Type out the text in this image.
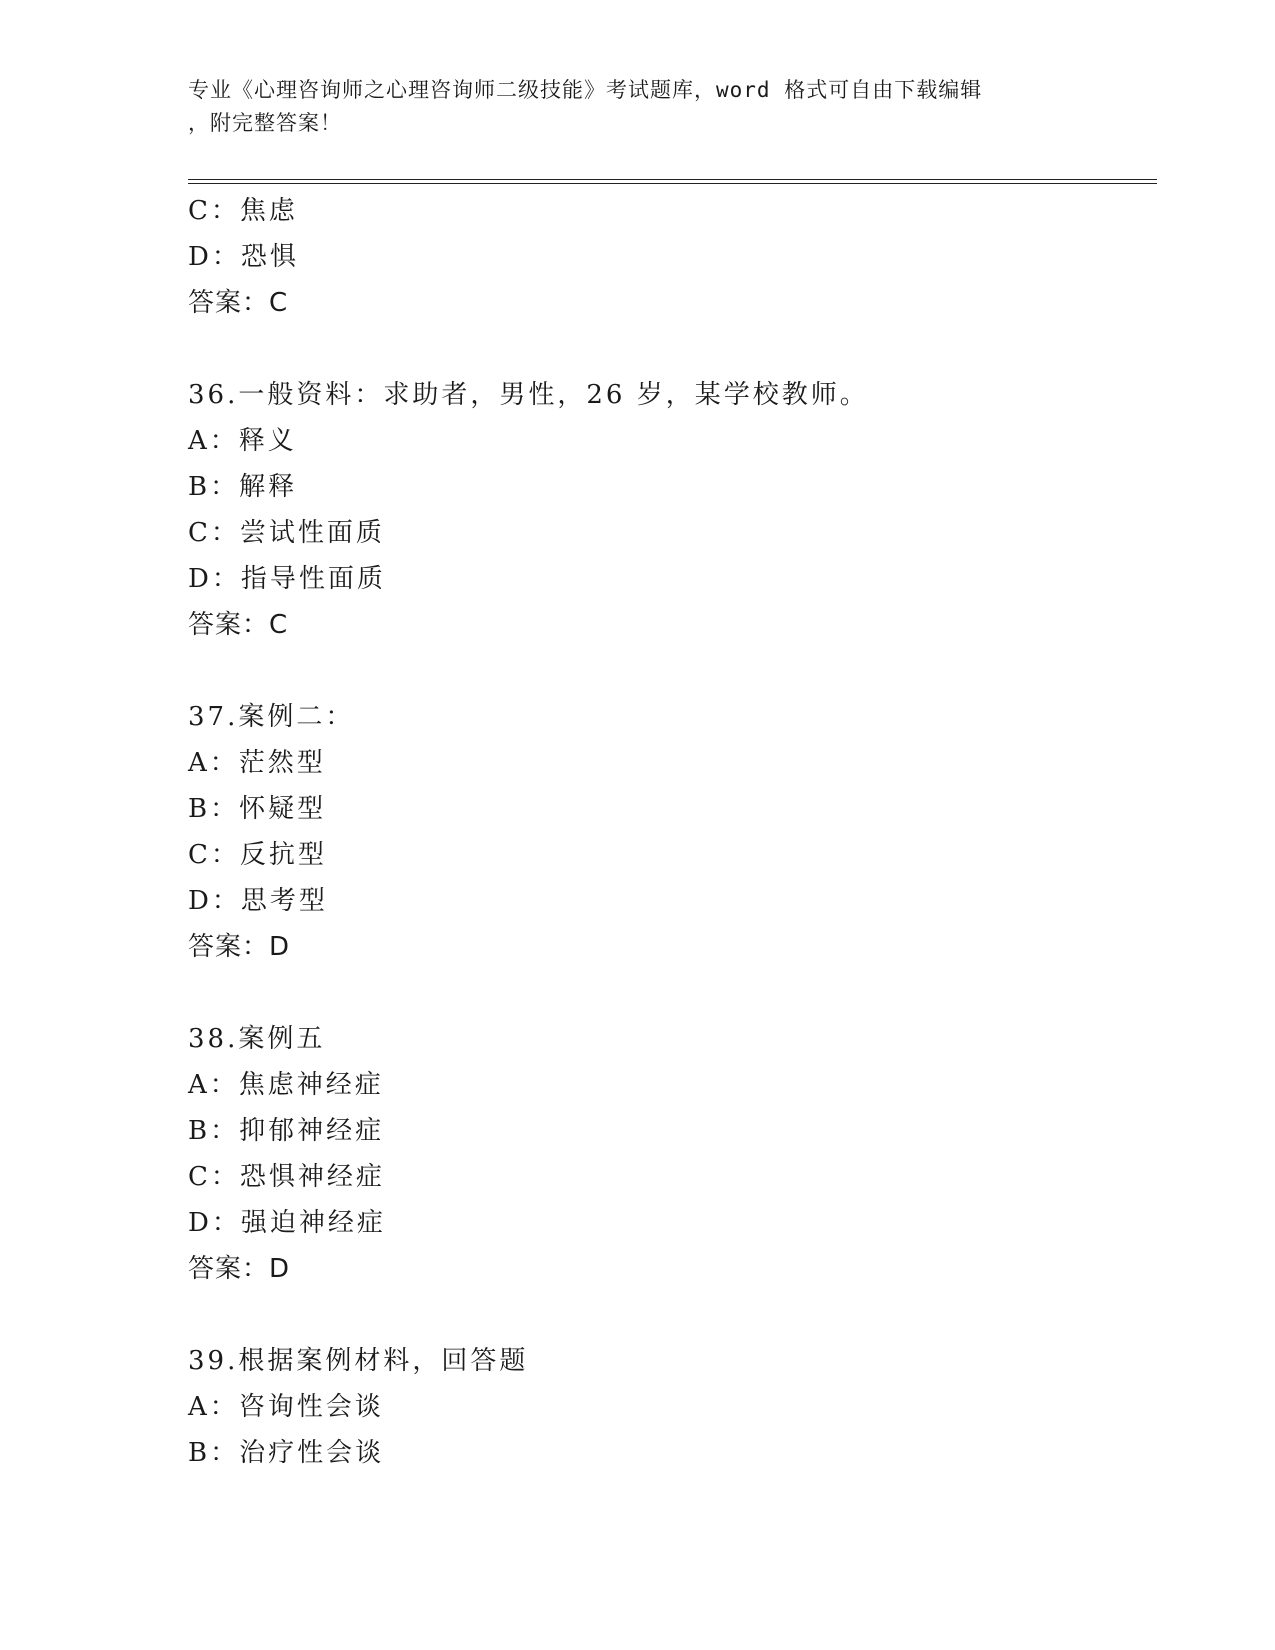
专业《心理咨询师之心理咨询师二级技能》考试题库，word 格式可自由下载编辑
，附完整答案！
C：焦虑
D：恐惧
答案：C
36.一般资料：求助者，男性，26 岁，某学校教师。
A：释义
B：解释
C：尝试性面质
D：指导性面质
答案：C
37.案例二：
A：茫然型
B：怀疑型
C：反抗型
D：思考型
答案：D
38.案例五
A：焦虑神经症
B：抑郁神经症
C：恐惧神经症
D：强迫神经症
答案：D
39.根据案例材料，回答题
A：咨询性会谈
B：治疗性会谈
